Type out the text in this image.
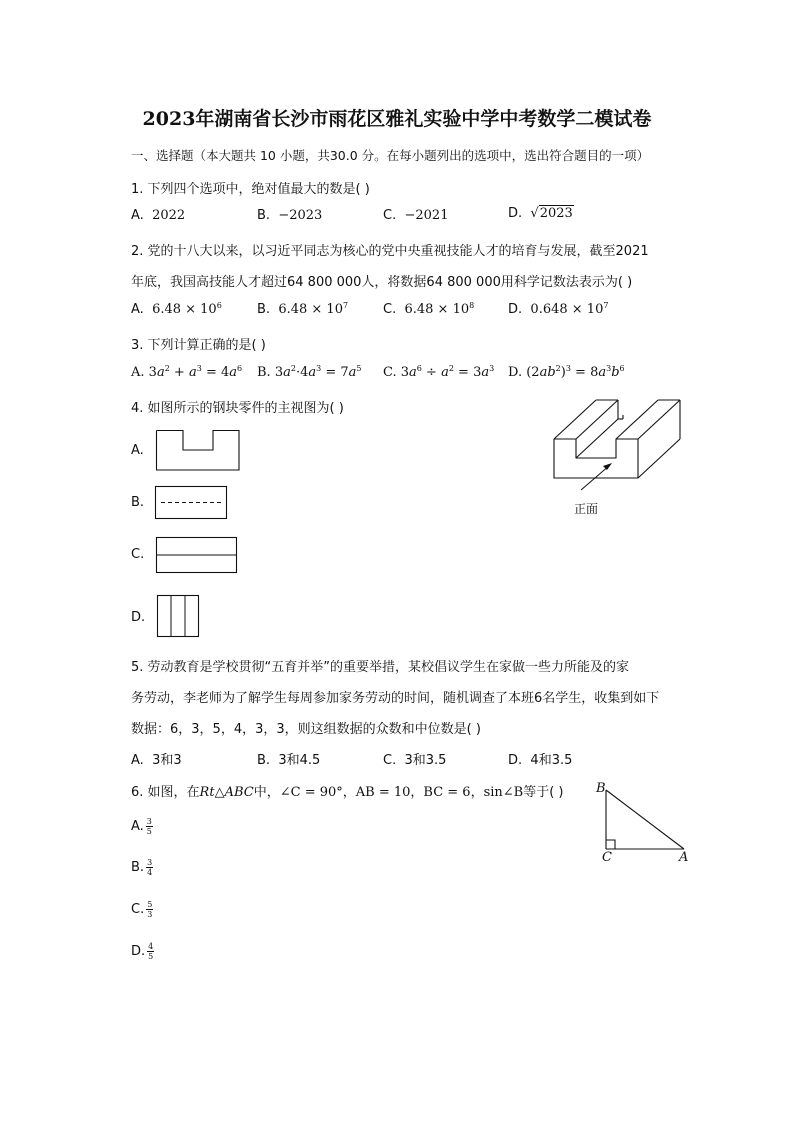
2023年湖南省长沙市雨花区雅礼实验中学中考数学二模试卷
一、选择题（本大题共 10 小题，共30.0 分。在每小题列出的选项中，选出符合题目的一项）
1. 下列四个选项中，绝对值最大的数是( )
A. 2022	B. −2023	C. −2021	D. √2023
2. 党的十八大以来，以习近平同志为核心的党中央重视技能人才的培育与发展，截至2021
年底，我国高技能人才超过64 800 000人，将数据64 800 000用科学记数法表示为( )
A. $6.48 \times 10^6$	B. $6.48 \times 10^7$	C. $6.48 \times 10^8$	D. $0.648 \times 10^7$
3. 下列计算正确的是( )
A. $3a^2 + a^3 = 4a^6$ B. $3a^2\cdot 4a^3 = 7a^5$ C. $3a^6 \div a^2 = 3a^3$ D. $(2ab^2)^3 = 8a^3b^6$
4. 如图所示的钢块零件的主视图为( )
A.
B.
C.
D.
正面
5. 劳动教育是学校贯彻“五育并举”的重要举措，某校倡议学生在家做一些力所能及的家
务劳动，李老师为了解学生每周参加家务劳动的时间，随机调查了本班6名学生，收集到如下
数据：6，3，5，4，3，3，则这组数据的众数和中位数是( )
A. 3和3	B. 3和4.5	C. 3和3.5	D. 4和3.5
6. 如图，在Rt△ABC中，∠C = 90°，AB = 10，BC = 6，sin∠B等于( )
A. $\frac{3}{5}$
B. $\frac{3}{4}$
C. $\frac{5}{3}$
D. $\frac{4}{5}$
B
C	A
